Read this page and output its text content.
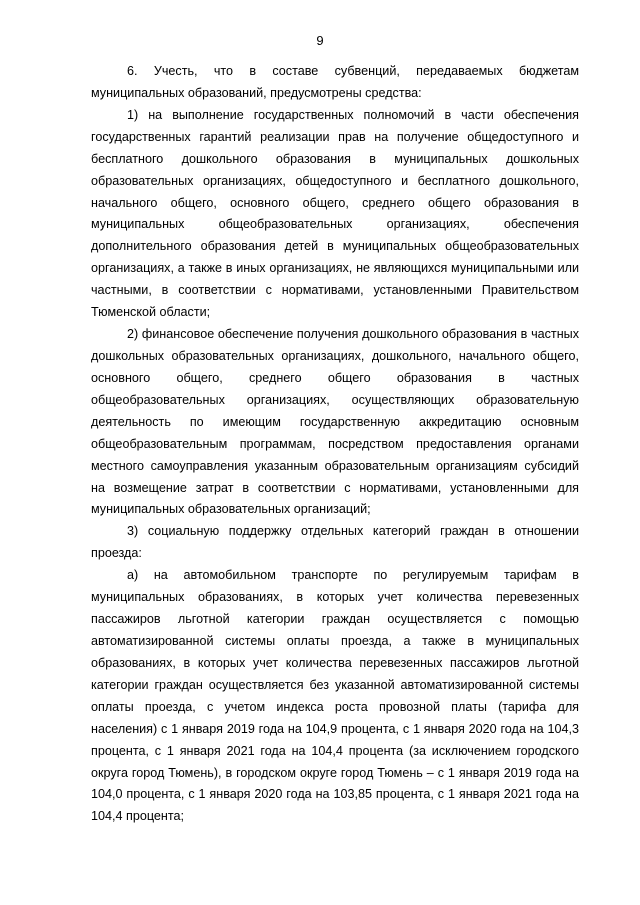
9

6. Учесть, что в составе субвенций, передаваемых бюджетам муниципальных образований, предусмотрены средства:

1) на выполнение государственных полномочий в части обеспечения государственных гарантий реализации прав на получение общедоступного и бесплатного дошкольного образования в муниципальных дошкольных образовательных организациях, общедоступного и бесплатного дошкольного, начального общего, основного общего, среднего общего образования в муниципальных общеобразовательных организациях, обеспечения дополнительного образования детей в муниципальных общеобразовательных организациях, а также в иных организациях, не являющихся муниципальными или частными, в соответствии с нормативами, установленными Правительством Тюменской области;

2) финансовое обеспечение получения дошкольного образования в частных дошкольных образовательных организациях, дошкольного, начального общего, основного общего, среднего общего образования в частных общеобразовательных организациях, осуществляющих образовательную деятельность по имеющим государственную аккредитацию основным общеобразовательным программам, посредством предоставления органами местного самоуправления указанным образовательным организациям субсидий на возмещение затрат в соответствии с нормативами, установленными для муниципальных образовательных организаций;

3) социальную поддержку отдельных категорий граждан в отношении проезда:

а) на автомобильном транспорте по регулируемым тарифам в муниципальных образованиях, в которых учет количества перевезенных пассажиров льготной категории граждан осуществляется с помощью автоматизированной системы оплаты проезда, а также в муниципальных образованиях, в которых учет количества перевезенных пассажиров льготной категории граждан осуществляется без указанной автоматизированной системы оплаты проезда, с учетом индекса роста провозной платы (тарифа для населения) с 1 января 2019 года на 104,9 процента, с 1 января 2020 года на 104,3 процента, с 1 января 2021 года на 104,4 процента (за исключением городского округа город Тюмень), в городском округе город Тюмень – с 1 января 2019 года на 104,0 процента, с 1 января 2020 года на 103,85 процента, с 1 января 2021 года на 104,4 процента;
